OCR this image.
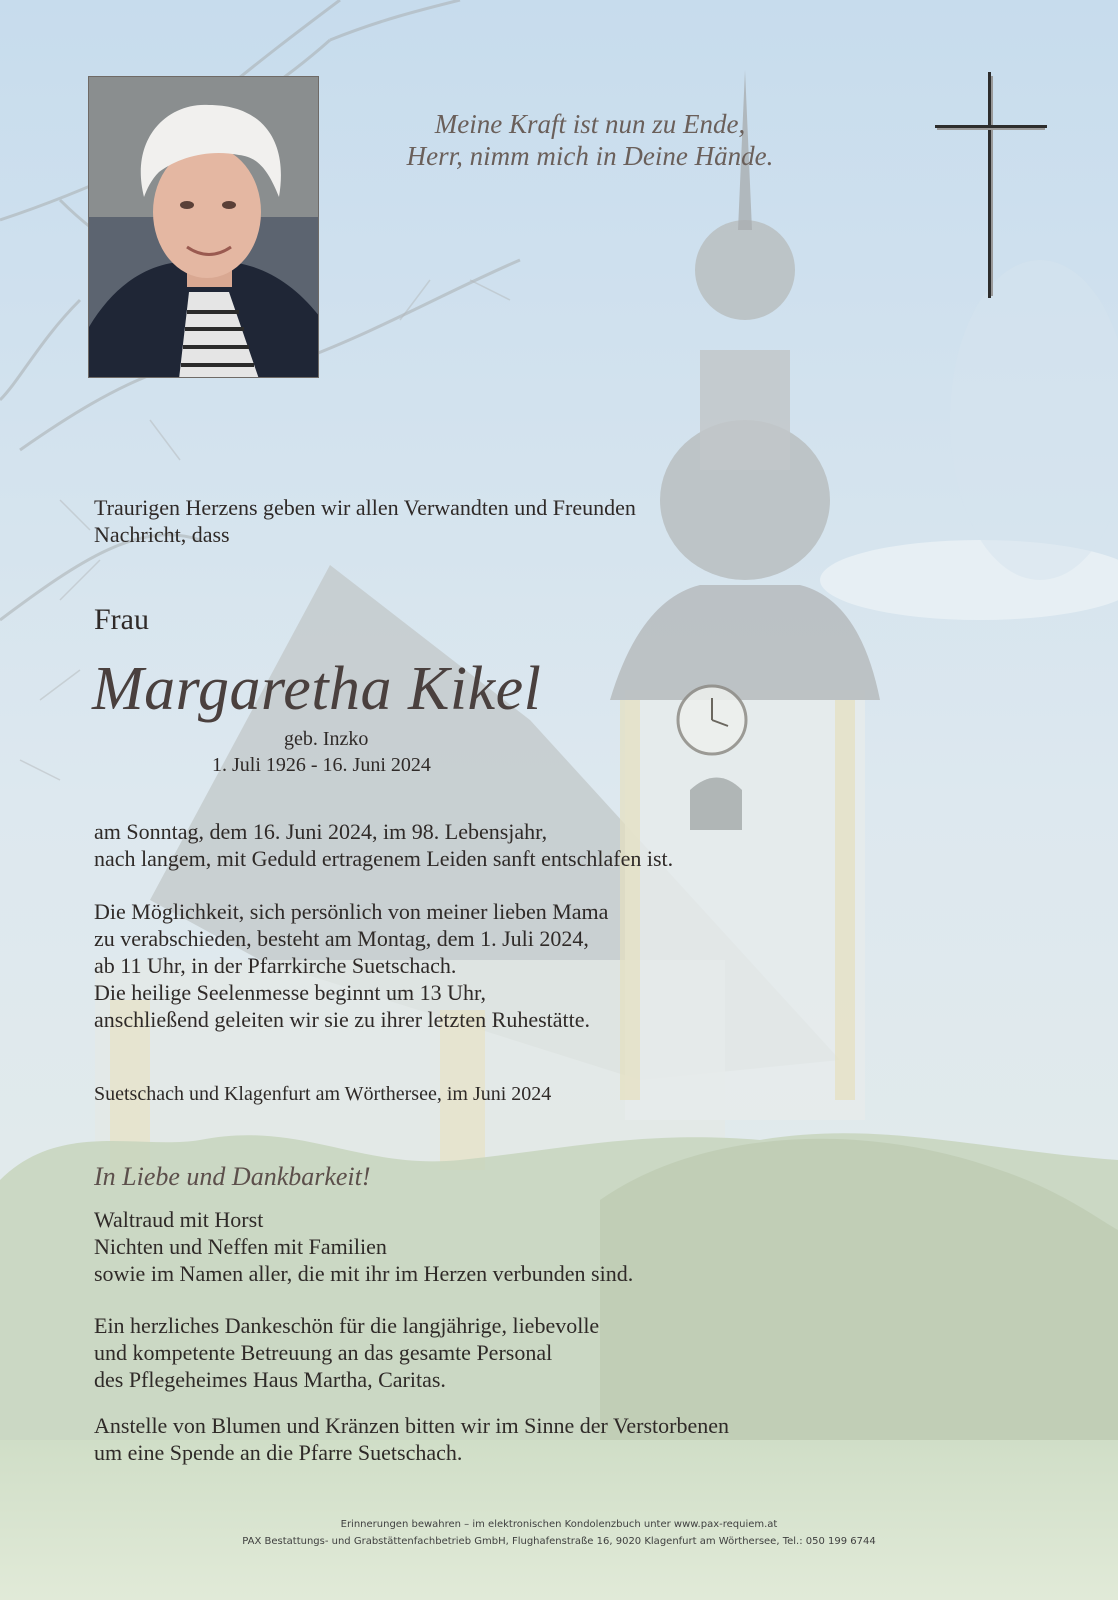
Meine Kraft ist nun zu Ende,
Herr, nimm mich in Deine Hände.
Traurigen Herzens geben wir allen Verwandten und Freunden
Nachricht, dass
Frau
Margaretha Kikel
geb. Inzko
1. Juli 1926 - 16. Juni 2024
am Sonntag, dem 16. Juni 2024, im 98. Lebensjahr,
nach langem, mit Geduld ertragenem Leiden sanft entschlafen ist.
Die Möglichkeit, sich persönlich von meiner lieben Mama
zu verabschieden, besteht am Montag, dem 1. Juli 2024,
ab 11 Uhr, in der Pfarrkirche Suetschach.
Die heilige Seelenmesse beginnt um 13 Uhr,
anschließend geleiten wir sie zu ihrer letzten Ruhestätte.
Suetschach und Klagenfurt am Wörthersee, im Juni 2024
In Liebe und Dankbarkeit!
Waltraud mit Horst
Nichten und Neffen mit Familien
sowie im Namen aller, die mit ihr im Herzen verbunden sind.
Ein herzliches Dankeschön für die langjährige, liebevolle
und kompetente Betreuung an das gesamte Personal
des Pflegeheimes Haus Martha, Caritas.
Anstelle von Blumen und Kränzen bitten wir im Sinne der Verstorbenen
um eine Spende an die Pfarre Suetschach.
Erinnerungen bewahren – im elektronischen Kondolenzbuch unter www.pax-requiem.at
PAX Bestattungs- und Grabstättenfachbetrieb GmbH, Flughafenstraße 16, 9020 Klagenfurt am Wörthersee, Tel.: 050 199 6744
